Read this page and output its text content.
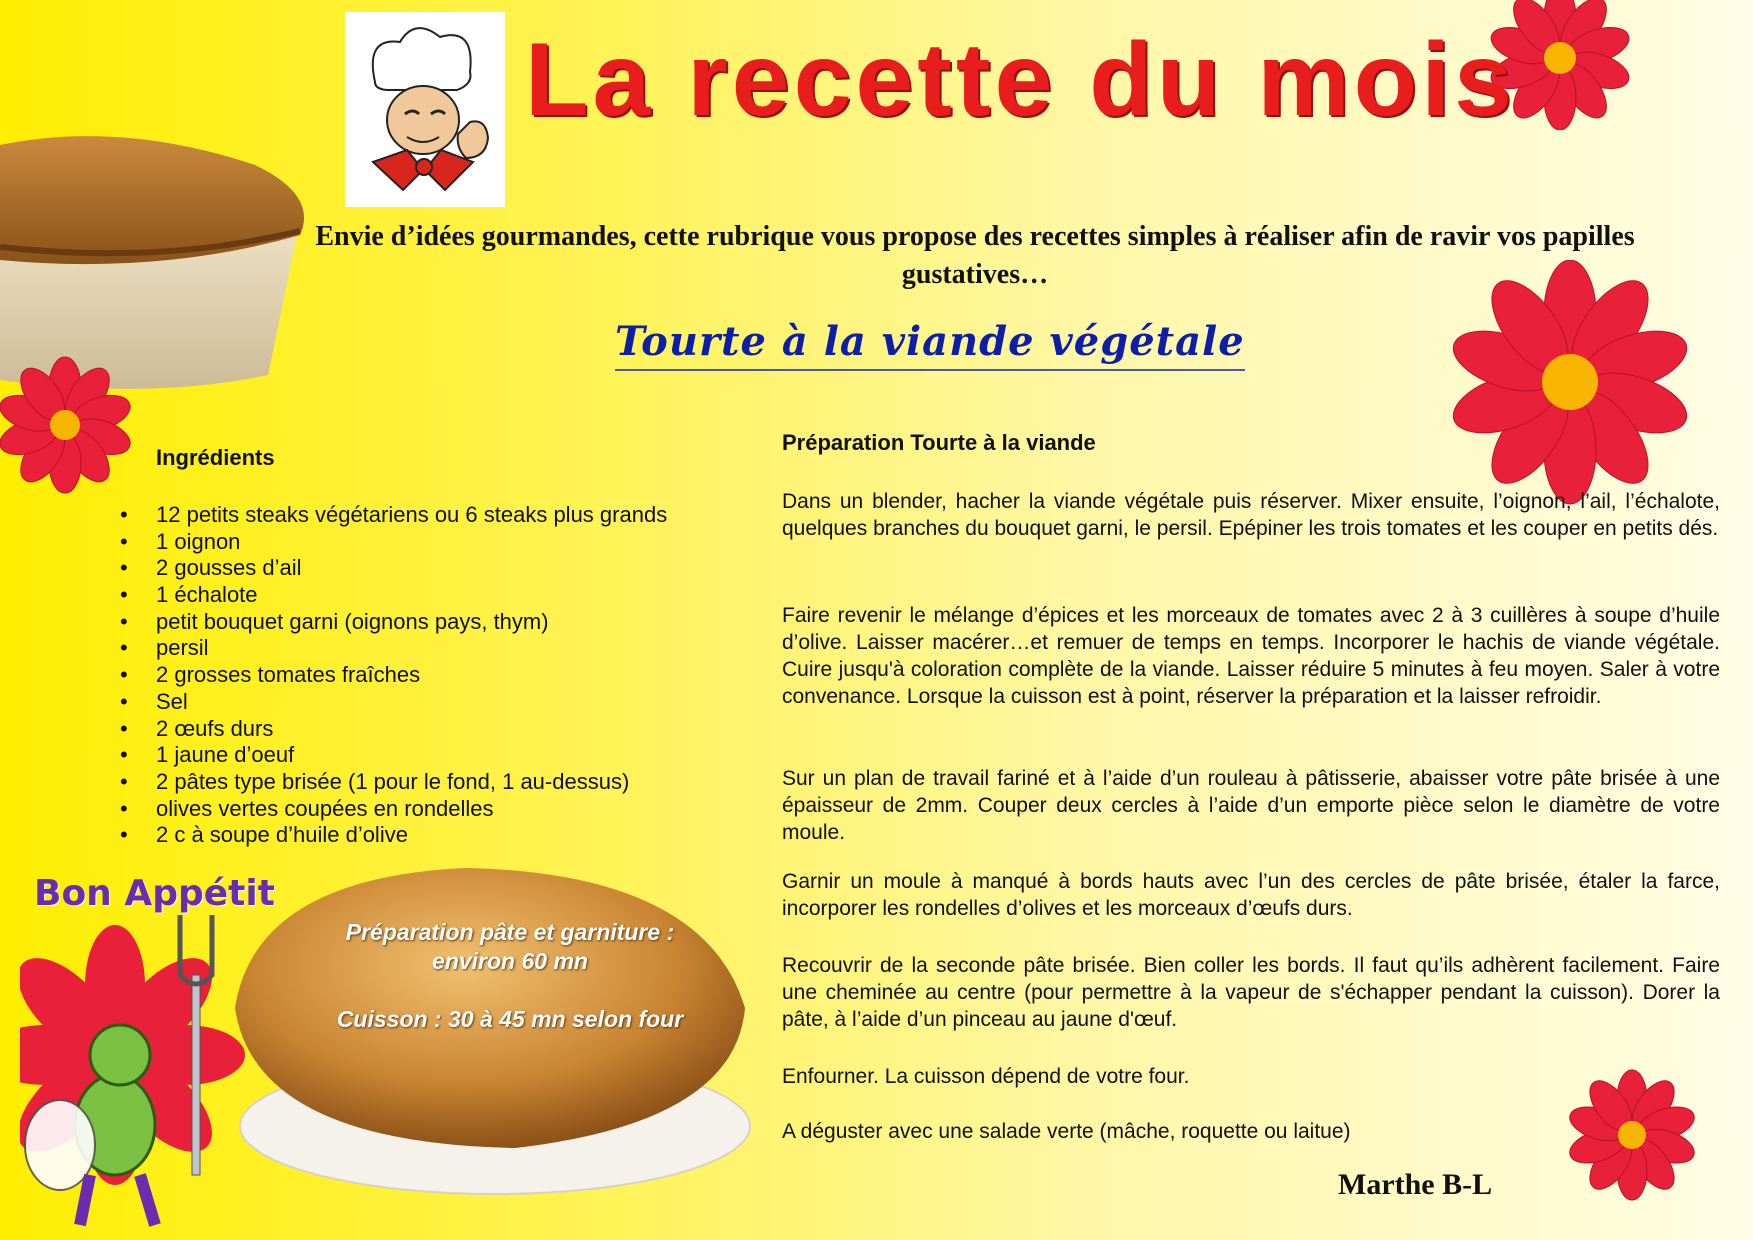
La recette du mois
Envie d’idées gourmandes, cette rubrique vous propose des recettes simples à réaliser afin de ravir vos papilles gustatives…
Tourte à la viande végétale
Ingrédients
• 12 petits steaks végétariens ou 6 steaks plus grands
• 1 oignon
• 2 gousses d’ail
• 1 échalote
• petit bouquet garni (oignons pays, thym)
• persil
• 2 grosses tomates fraîches
• Sel
• 2 œufs durs
• 1 jaune d’oeuf
• 2 pâtes type brisée (1 pour le fond, 1 au-dessus)
• olives vertes coupées en rondelles
• 2 c à soupe d’huile d’olive
Préparation Tourte à la viande

Dans un blender, hacher la viande végétale puis réserver. Mixer ensuite, l’oignon, l’ail, l’échalote, quelques branches du bouquet garni, le persil. Epépiner les trois tomates et les couper en petits dés.

Faire revenir le mélange d’épices et les morceaux de tomates avec 2 à 3 cuillères à soupe d’huile d’olive. Laisser macérer…et remuer de temps en temps. Incorporer le hachis de viande végétale. Cuire jusqu'à coloration complète de la viande. Laisser réduire 5 minutes à feu moyen. Saler à votre convenance. Lorsque la cuisson est à point, réserver la préparation et la laisser refroidir.

Sur un plan de travail fariné et à l’aide d’un rouleau à pâtisserie, abaisser votre pâte brisée à une épaisseur de 2mm. Couper deux cercles à l’aide d’un emporte pièce selon le diamètre de votre moule.

Garnir un moule à manqué à bords hauts avec l’un des cercles de pâte brisée, étaler la farce, incorporer les rondelles d’olives et les morceaux d’œufs durs.

Recouvrir de la seconde pâte brisée. Bien coller les bords. Il faut qu’ils adhèrent facilement. Faire une cheminée au centre (pour permettre à la vapeur de s'échapper pendant la cuisson). Dorer la pâte, à l’aide d’un pinceau au jaune d'œuf.

Enfourner. La cuisson dépend de votre four.

A déguster avec une salade verte (mâche, roquette ou laitue)

Bon Appétit

Préparation pâte et garniture : environ 60 mn

Cuisson : 30 à 45 mn selon four

Marthe B-L
